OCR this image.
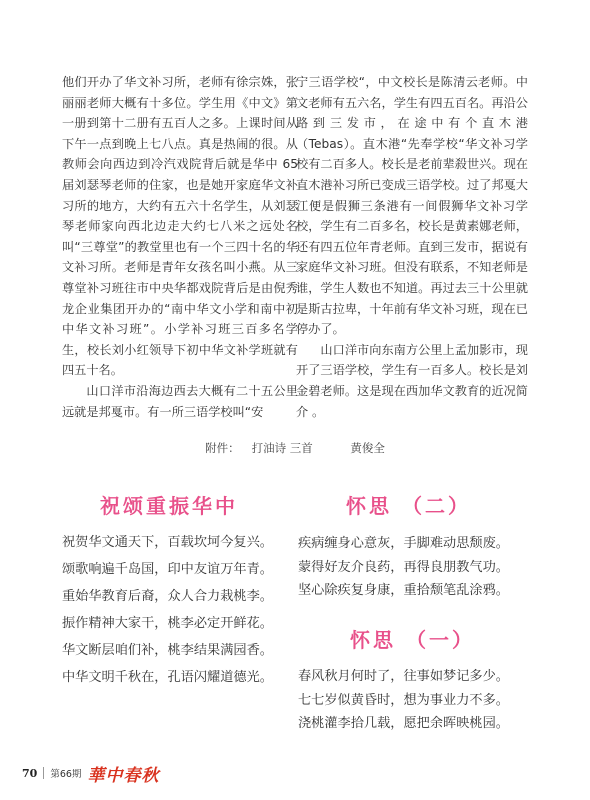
他们开办了华文补习所，老师有徐宗姝，张丽丽老师大概有十多位。学生用《中文》第一册到第十二册有五百人之多。上课时间从下午一点到晚上七八点。真是热闹的很。从教师会向西边到冷汽戏院背后就是华中 65 届刘瑟琴老师的住家，也是她开家庭华文补习所的地方，大约有五六十名学生，从刘瑟琴老师家向西北边走大约七八米之远处名叫“三尊堂”的教堂里也有一个三四十名的华文补习所。老师是青年女孩名叫小燕。从三尊堂补习班往市中央华都戏院背后是由倪秀龙企业集团开办的“南中华文小学和南中初中华文补习班”。小学补习班三百多名学生，校长刘小红领导下初中华文补学班就有四五十名。

山口洋市沿海边西去大概有二十五公里远就是邦戛市。有一所三语学校叫“安

宁三语学校“，中文校长是陈清云老师。中文老师有五六名，学生有四五百名。再沿公路到三发市，在途中有个直木港（Tebas）。直木港“先奉学校“华文补习学校有二百多人。校长是老前辈殺世兴。现在直木港补习所已变成三语学校。过了邦戛大江便是假狮三条港有一间假狮华文补习学校，学生有二百多名，校长是黄素娜老师，还有四五位年青老师。直到三发市，据说有家庭华文补习班。但没有联系，不知老师是谁，学生人数也不知道。再过去三十公里就是斯古拉卑，十年前有华文补习班，现在已停办了。

山口洋市向东南方公里上孟加影市，现开了三语学校，学生有一百多人。校长是刘金碧老师。这是现在西加华文教育的近况简介 。

附件： 打油诗 三首	黄俊全
祝颂重振华中
祝贺华文通天下，百载坎坷今复兴。
颂歌响遍千岛国，印中友谊万年青。
重始华教育后裔，众人合力栽桃李。
振作精神大家干，桃李必定开鲜花。
华文断层咱们补，桃李结果满园香。
中华文明千秋在，孔语闪耀道德光。
怀思 （二）
疾病缠身心意灰，手脚难动思颓废。
蒙得好友介良药，再得良朋教气功。
坚心除疾复身康，重拾颓笔乱涂鸦。
怀思 （一）
春风秋月何时了，往事如梦记多少。
七七岁似黄昏时，想为事业力不多。
浇桃灌李拾几载，愿把余晖映桃园。
70 第66期 華中春秋
